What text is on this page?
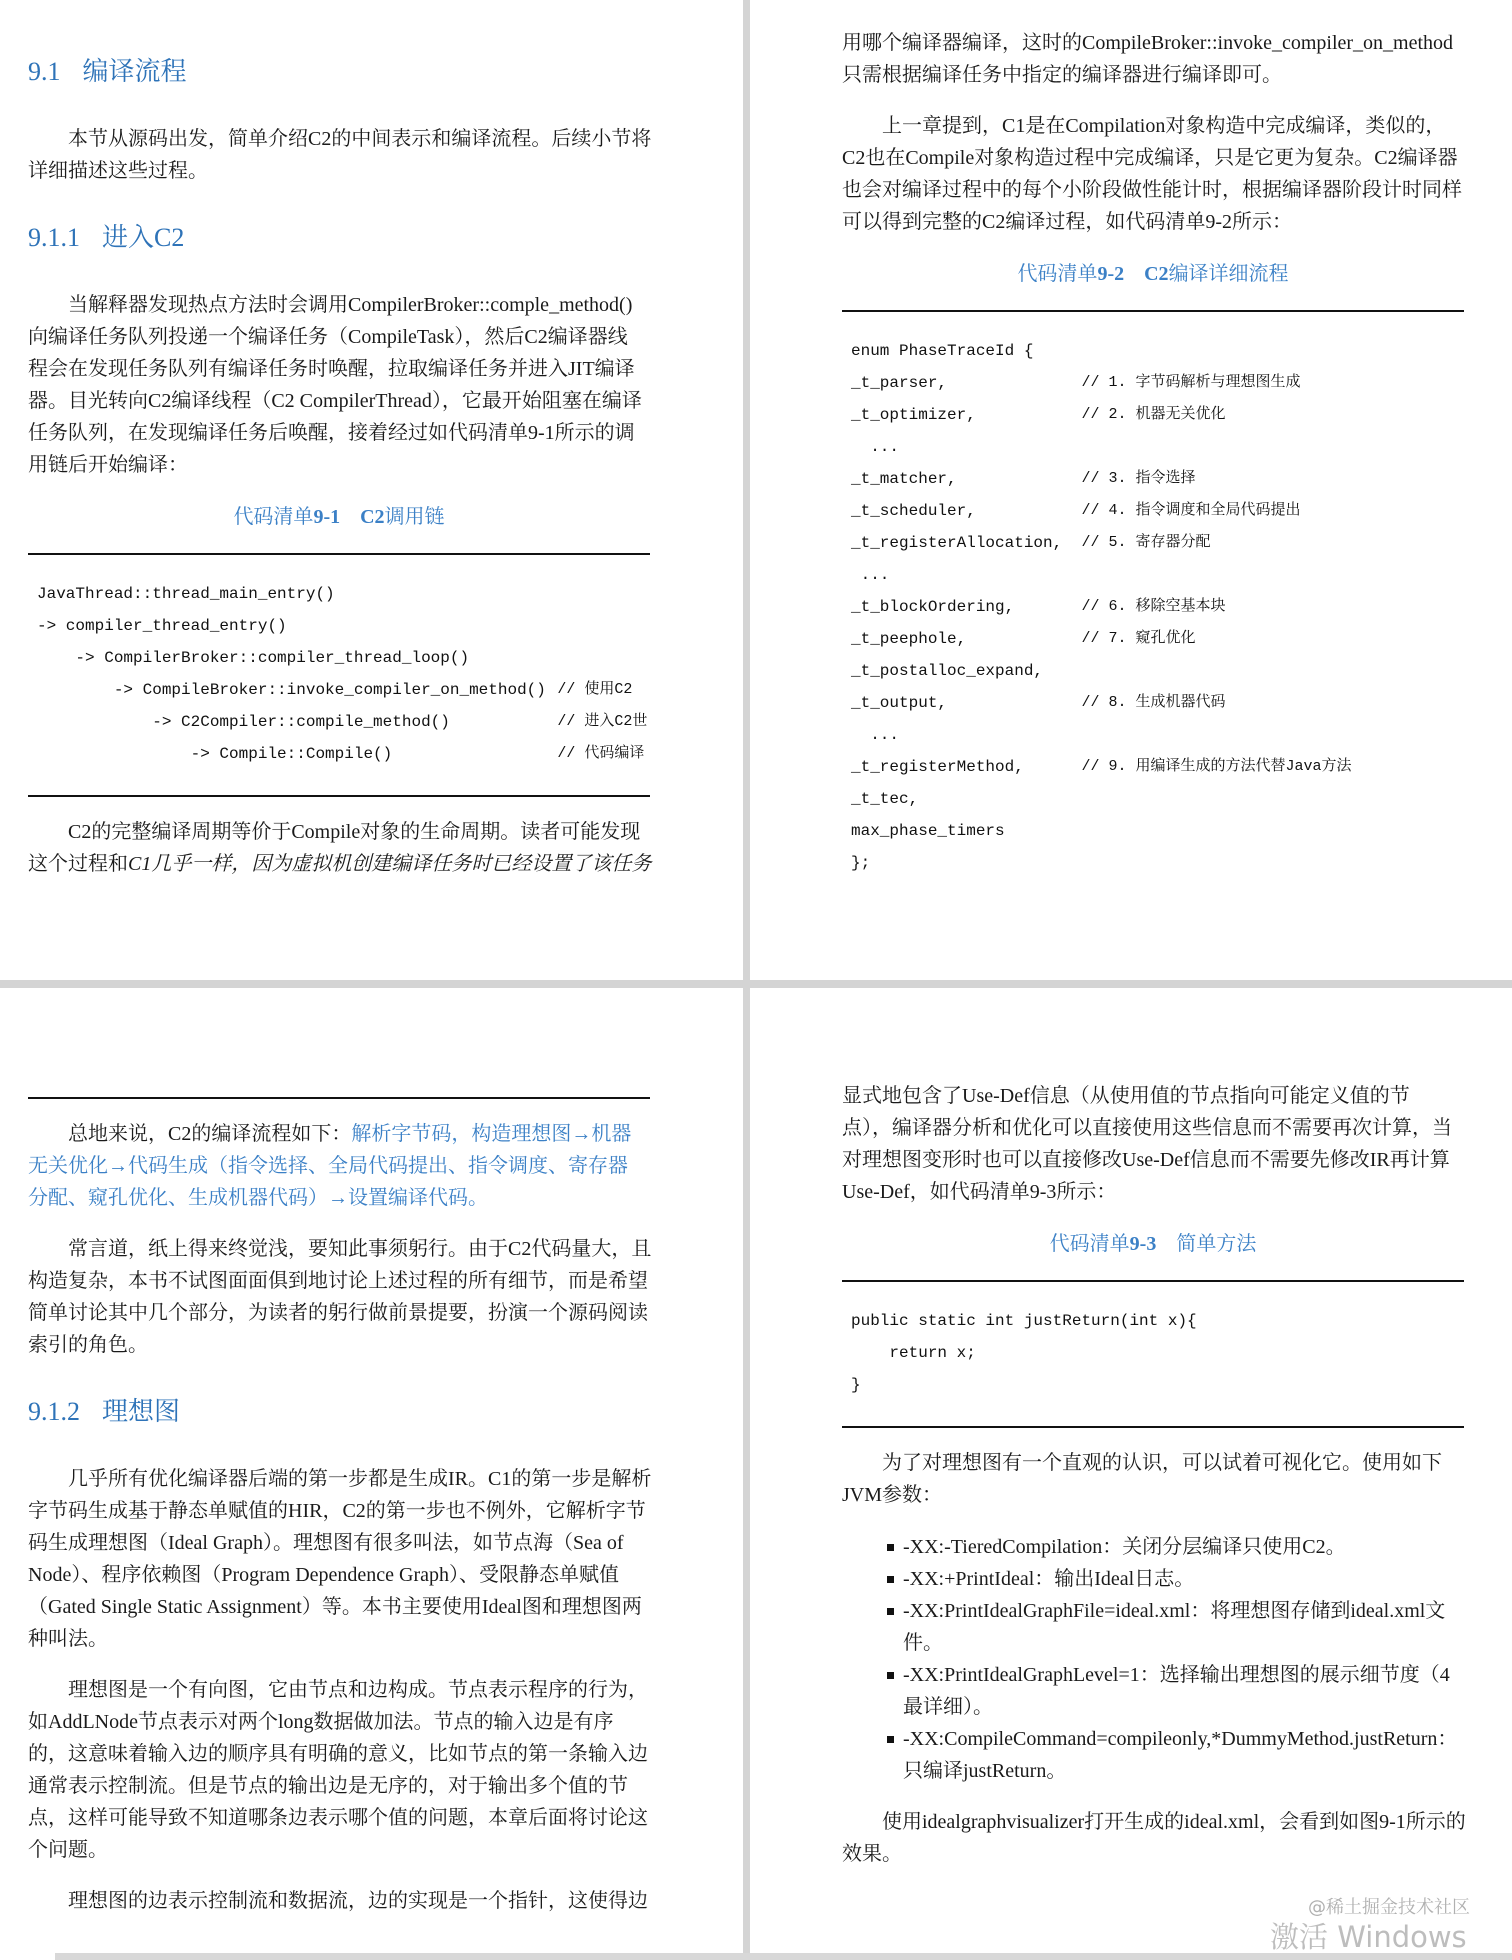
9.1 编译流程
本节从源码出发，简单介绍C2的中间表示和编译流程。后续小节将
详细描述这些过程。
9.1.1 进入C2
当解释器发现热点方法时会调用CompilerBroker::comple_method()
向编译任务队列投递一个编译任务（CompileTask），然后C2编译器线
程会在发现任务队列有编译任务时唤醒，拉取编译任务并进入JIT编译
器。目光转向C2编译线程（C2 CompilerThread），它最开始阻塞在编译
任务队列，在发现编译任务后唤醒，接着经过如代码清单9-1所示的调
用链后开始编译：
代码清单9-1 C2调用链
JavaThread::thread_main_entry()
-> compiler_thread_entry()
-> CompilerBroker::compiler_thread_loop()
-> CompileBroker::invoke_compiler_on_method() // 使用C2
-> C2Compiler::compile_method()	// 进入C2世
-> Compile::Compile()	// 代码编译
C2的完整编译周期等价于Compile对象的生命周期。读者可能发现
这个过程和C1几乎一样，因为虚拟机创建编译任务时已经设置了该任务
用哪个编译器编译，这时的CompileBroker::invoke_compiler_on_method
只需根据编译任务中指定的编译器进行编译即可。
上一章提到，C1是在Compilation对象构造中完成编译，类似的，
C2也在Compile对象构造过程中完成编译，只是它更为复杂。C2编译器
也会对编译过程中的每个小阶段做性能计时，根据编译器阶段计时同样
可以得到完整的C2编译过程，如代码清单9-2所示：
代码清单9-2 C2编译详细流程
enum PhaseTraceId {
_t_parser,	// 1. 字节码解析与理想图生成
_t_optimizer,	// 2. 机器无关优化
...
_t_matcher,	// 3. 指令选择
_t_scheduler,	// 4. 指令调度和全局代码提出
_t_registerAllocation,	// 5. 寄存器分配
...
_t_blockOrdering,	// 6. 移除空基本块
_t_peephole,	// 7. 窥孔优化
_t_postalloc_expand,
_t_output,	// 8. 生成机器代码
...
_t_registerMethod,	// 9. 用编译生成的方法代替Java方法
_t_tec,
max_phase_timers
};
总地来说，C2的编译流程如下：解析字节码，构造理想图→机器
无关优化→代码生成（指令选择、全局代码提出、指令调度、寄存器
分配、窥孔优化、生成机器代码）→设置编译代码。
常言道，纸上得来终觉浅，要知此事须躬行。由于C2代码量大，且
构造复杂，本书不试图面面俱到地讨论上述过程的所有细节，而是希望
简单讨论其中几个部分，为读者的躬行做前景提要，扮演一个源码阅读
索引的角色。
9.1.2 理想图
几乎所有优化编译器后端的第一步都是生成IR。C1的第一步是解析
字节码生成基于静态单赋值的HIR，C2的第一步也不例外，它解析字节
码生成理想图（Ideal Graph）。理想图有很多叫法，如节点海（Sea of
Node）、程序依赖图（Program Dependence Graph）、受限静态单赋值
（Gated Single Static Assignment）等。本书主要使用Ideal图和理想图两
种叫法。
理想图是一个有向图，它由节点和边构成。节点表示程序的行为，
如AddLNode节点表示对两个long数据做加法。节点的输入边是有序
的，这意味着输入边的顺序具有明确的意义，比如节点的第一条输入边
通常表示控制流。但是节点的输出边是无序的，对于输出多个值的节
点，这样可能导致不知道哪条边表示哪个值的问题，本章后面将讨论这
个问题。
理想图的边表示控制流和数据流，边的实现是一个指针，这使得边
显式地包含了Use-Def信息（从使用值的节点指向可能定义值的节
点），编译器分析和优化可以直接使用这些信息而不需要再次计算，当
对理想图变形时也可以直接修改Use-Def信息而不需要先修改IR再计算
Use-Def，如代码清单9-3所示：
代码清单9-3 简单方法
public static int justReturn(int x){
return x;
}
为了对理想图有一个直观的认识，可以试着可视化它。使用如下
JVM参数：
-XX:-TieredCompilation：关闭分层编译只使用C2。
-XX:+PrintIdeal：输出Ideal日志。
-XX:PrintIdealGraphFile=ideal.xml：将理想图存储到ideal.xml文
件。
-XX:PrintIdealGraphLevel=1：选择输出理想图的展示细节度（4
最详细）。
-XX:CompileCommand=compileonly,*DummyMethod.justReturn：
只编译justReturn。
使用idealgraphvisualizer打开生成的ideal.xml，会看到如图9-1所示的
效果。
@稀土掘金技术社区
激活 Windows
